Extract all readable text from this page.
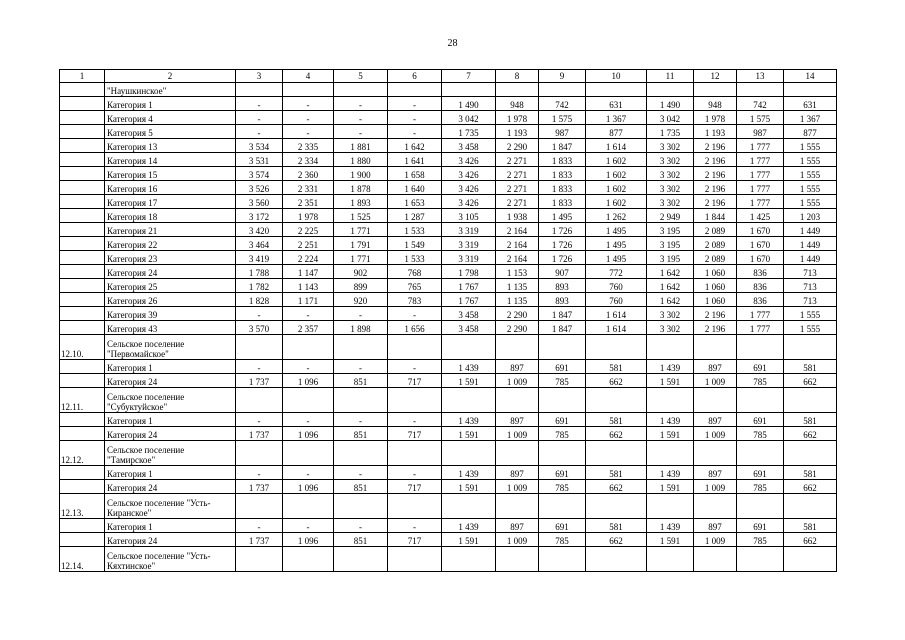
28
1	2	3	4	5	6	7	8	9	10	11	12	13	14
	"Наушкинское"												
	Категория 1	-	-	-	-	1 490	948	742	631	1 490	948	742	631
	Категория 4	-	-	-	-	3 042	1 978	1 575	1 367	3 042	1 978	1 575	1 367
	Категория 5	-	-	-	-	1 735	1 193	987	877	1 735	1 193	987	877
	Категория 13	3 534	2 335	1 881	1 642	3 458	2 290	1 847	1 614	3 302	2 196	1 777	1 555
	Категория 14	3 531	2 334	1 880	1 641	3 426	2 271	1 833	1 602	3 302	2 196	1 777	1 555
	Категория 15	3 574	2 360	1 900	1 658	3 426	2 271	1 833	1 602	3 302	2 196	1 777	1 555
	Категория 16	3 526	2 331	1 878	1 640	3 426	2 271	1 833	1 602	3 302	2 196	1 777	1 555
	Категория 17	3 560	2 351	1 893	1 653	3 426	2 271	1 833	1 602	3 302	2 196	1 777	1 555
	Категория 18	3 172	1 978	1 525	1 287	3 105	1 938	1 495	1 262	2 949	1 844	1 425	1 203
	Категория 21	3 420	2 225	1 771	1 533	3 319	2 164	1 726	1 495	3 195	2 089	1 670	1 449
	Категория 22	3 464	2 251	1 791	1 549	3 319	2 164	1 726	1 495	3 195	2 089	1 670	1 449
	Категория 23	3 419	2 224	1 771	1 533	3 319	2 164	1 726	1 495	3 195	2 089	1 670	1 449
	Категория 24	1 788	1 147	902	768	1 798	1 153	907	772	1 642	1 060	836	713
	Категория 25	1 782	1 143	899	765	1 767	1 135	893	760	1 642	1 060	836	713
	Категория 26	1 828	1 171	920	783	1 767	1 135	893	760	1 642	1 060	836	713
	Категория 39	-	-	-	-	3 458	2 290	1 847	1 614	3 302	2 196	1 777	1 555
	Категория 43	3 570	2 357	1 898	1 656	3 458	2 290	1 847	1 614	3 302	2 196	1 777	1 555
12.10.	Сельское поселение "Первомайское"												
	Категория 1	-	-	-	-	1 439	897	691	581	1 439	897	691	581
	Категория 24	1 737	1 096	851	717	1 591	1 009	785	662	1 591	1 009	785	662
12.11.	Сельское поселение "Субуктуйское"												
	Категория 1	-	-	-	-	1 439	897	691	581	1 439	897	691	581
	Категория 24	1 737	1 096	851	717	1 591	1 009	785	662	1 591	1 009	785	662
12.12.	Сельское поселение "Тамирское"												
	Категория 1	-	-	-	-	1 439	897	691	581	1 439	897	691	581
	Категория 24	1 737	1 096	851	717	1 591	1 009	785	662	1 591	1 009	785	662
12.13.	Сельское поселение "Усть-Киранское"												
	Категория 1	-	-	-	-	1 439	897	691	581	1 439	897	691	581
	Категория 24	1 737	1 096	851	717	1 591	1 009	785	662	1 591	1 009	785	662
12.14.	Сельское поселение "Усть-Кяхтинское"												
